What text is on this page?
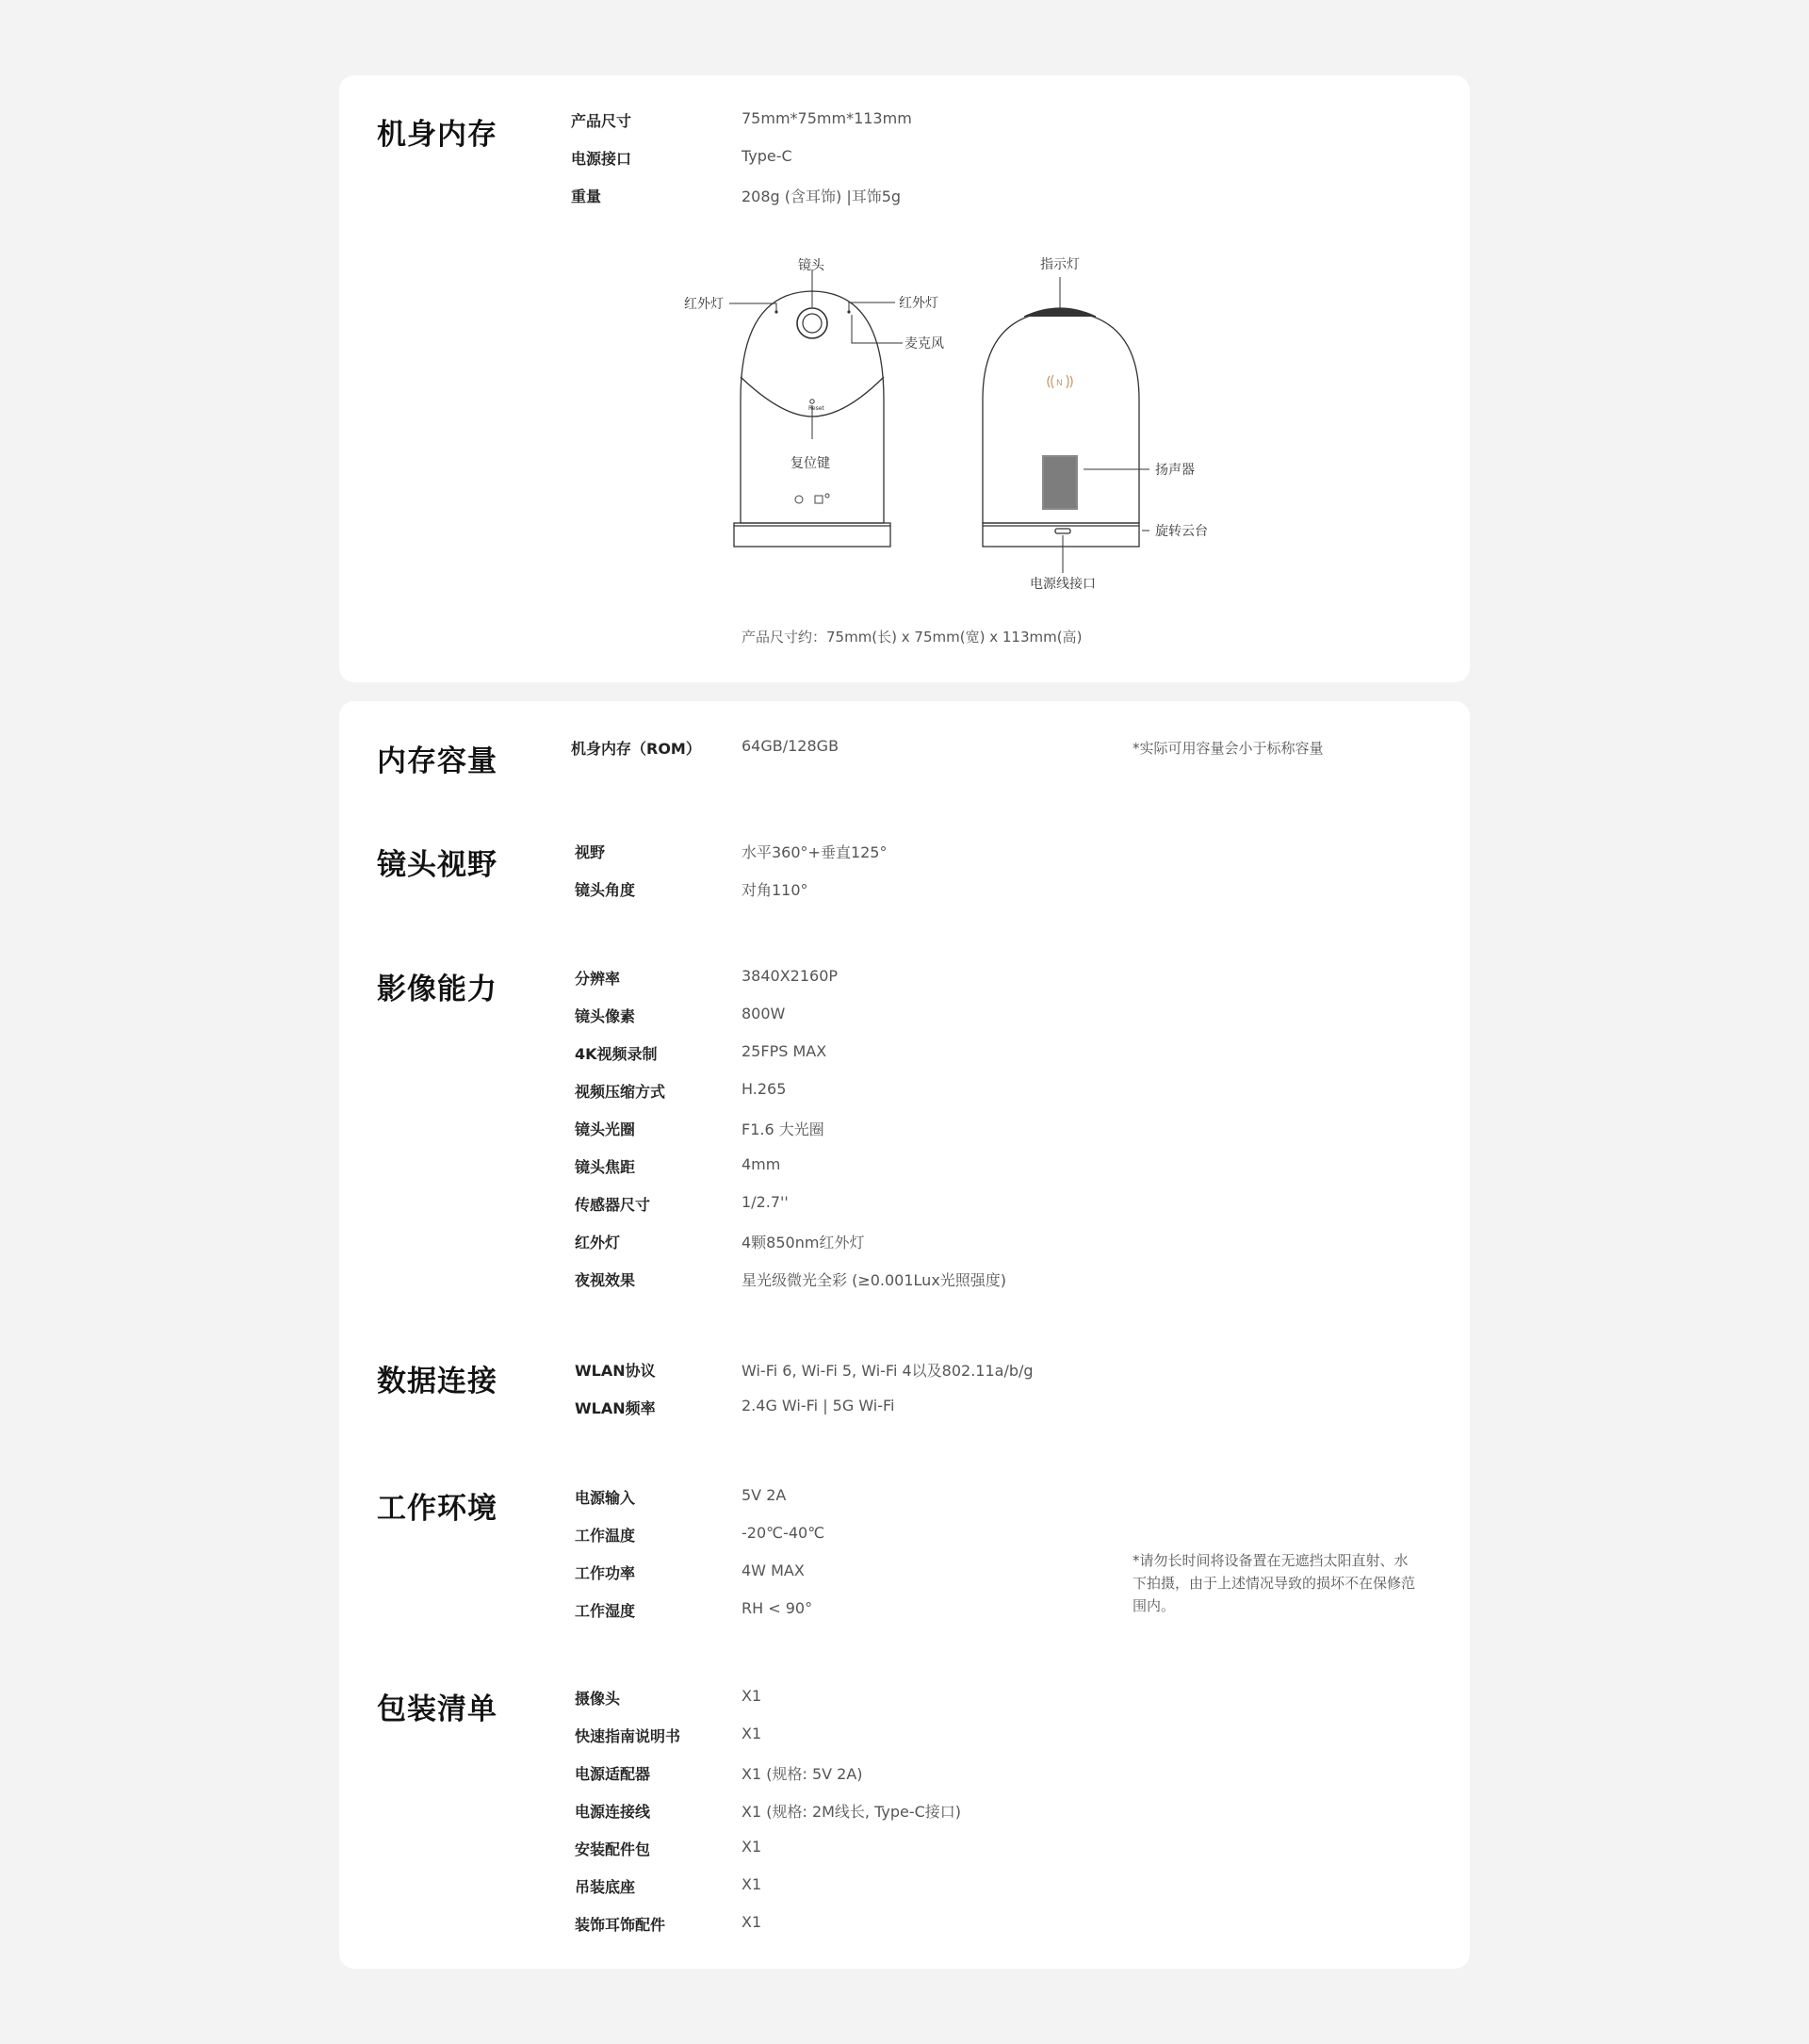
机身内存	产品尺寸	75mm*75mm*113mm
电源接口	Type-C
重量	208g (含耳饰) |耳饰5g
Reset
镜头
红外灯	红外灯
麦克风
复位键
N
指示灯
扬声器
旋转云台
电源线接口
产品尺寸约：75mm(长) x 75mm(宽) x 113mm(高)
内存容量	机身内存（ROM）	64GB/128GB	*实际可用容量会小于标称容量
镜头视野	视野	水平360°+垂直125°
镜头角度	对角110°
影像能力	分辨率	3840X2160P
镜头像素	800W
4K视频录制	25FPS MAX
视频压缩方式	H.265
镜头光圈	F1.6 大光圈
镜头焦距	4mm
传感器尺寸	1/2.7''
红外灯	4颗850nm红外灯
夜视效果	星光级微光全彩 (≥0.001Lux光照强度)
数据连接	WLAN协议	Wi-Fi 6, Wi-Fi 5, Wi-Fi 4以及802.11a/b/g
WLAN频率	2.4G Wi-Fi | 5G Wi-Fi
工作环境	电源输入	5V 2A
工作温度	-20℃-40℃
工作功率	4W MAX
工作湿度	RH < 90°
*请勿长时间将设备置在无遮挡太阳直射、水下拍摄，由于上述情况导致的损坏不在保修范围内。
包装清单	摄像头	X1
快速指南说明书	X1
电源适配器	X1 (规格: 5V 2A)
电源连接线	X1 (规格: 2M线长, Type-C接口)
安装配件包	X1
吊装底座	X1
装饰耳饰配件	X1
